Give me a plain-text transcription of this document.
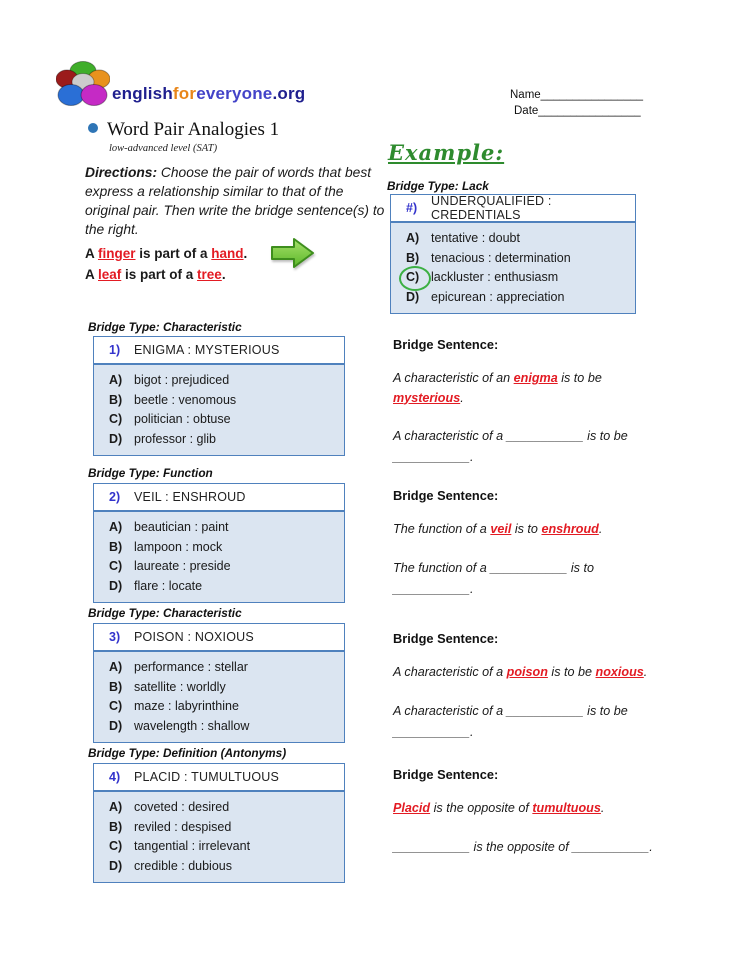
englishforeveryone.org	Name________________
Date________________
Word Pair Analogies 1
low-advanced level (SAT)
Directions: Choose the pair of words that best express a relationship similar to that of the original pair. Then write the bridge sentence(s) to the right.
A finger is part of a hand.
A leaf is part of a tree.
Example:
Bridge Type: Lack
#)	UNDERQUALIFIED : CREDENTIALS
A) tentative : doubt
B) tenacious : determination
C) lackluster : enthusiasm
D) epicurean : appreciation
Bridge Type: Characteristic
1)	ENIGMA : MYSTERIOUS
A) bigot : prejudiced
B) beetle : venomous
C) politician : obtuse
D) professor : glib
Bridge Type: Function
2)	VEIL : ENSHROUD
A) beautician : paint
B) lampoon : mock
C) laureate : preside
D) flare : locate
Bridge Type: Characteristic
3)	POISON : NOXIOUS
A) performance : stellar
B) satellite : worldly
C) maze : labyrinthine
D) wavelength : shallow
Bridge Type: Definition (Antonyms)
4)	PLACID : TUMULTUOUS
A) coveted : desired
B) reviled : despised
C) tangential : irrelevant
D) credible : dubious
Bridge Sentence:
A characteristic of an enigma is to be mysterious.
A characteristic of a ___________ is to be
___________.
Bridge Sentence:
The function of a veil is to enshroud.
The function of a ___________ is to
___________.
Bridge Sentence:
A characteristic of a poison is to be noxious.
A characteristic of a ___________ is to be
___________.
Bridge Sentence:
Placid is the opposite of tumultuous.
___________ is the opposite of ___________.
